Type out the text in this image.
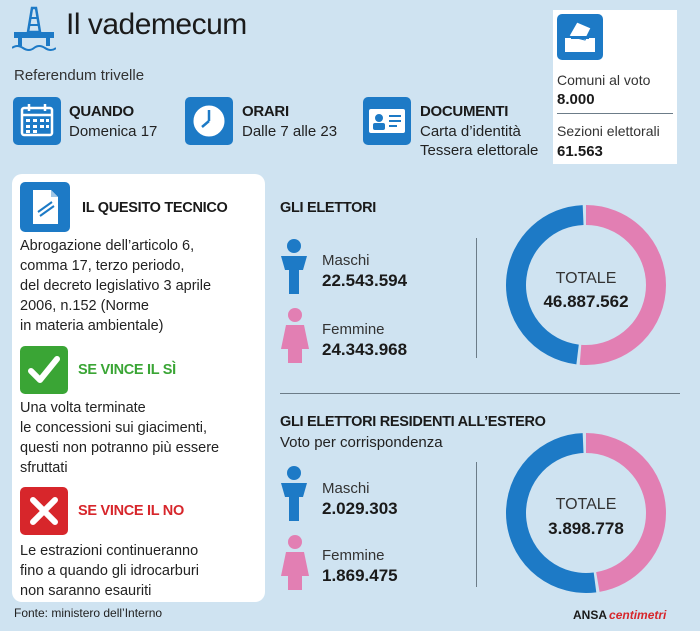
Il vademecum
Referendum trivelle
QUANDO
Domenica 17
ORARI
Dalle 7 alle 23
DOCUMENTI
Carta d’identità
Tessera elettorale
Comuni al voto
8.000
Sezioni elettorali
61.563
IL QUESITO TECNICO
Abrogazione dell’articolo 6,
comma 17, terzo periodo,
del decreto legislativo 3 aprile
2006, n.152 (Norme
in materia ambientale)
SE VINCE IL SÌ
Una volta terminate
le concessioni sui giacimenti,
questi non potranno più essere
sfruttati
SE VINCE IL NO
Le estrazioni continueranno
fino a quando gli idrocarburi
non saranno esauriti
GLI ELETTORI
Maschi
22.543.594
Femmine
24.343.968
TOTALE
46.887.562
GLI ELETTORI RESIDENTI ALL’ESTERO
Voto per corrispondenza
Maschi
2.029.303
Femmine
1.869.475
TOTALE
3.898.778
Fonte: ministero dell’Interno	ANSA centimetri
